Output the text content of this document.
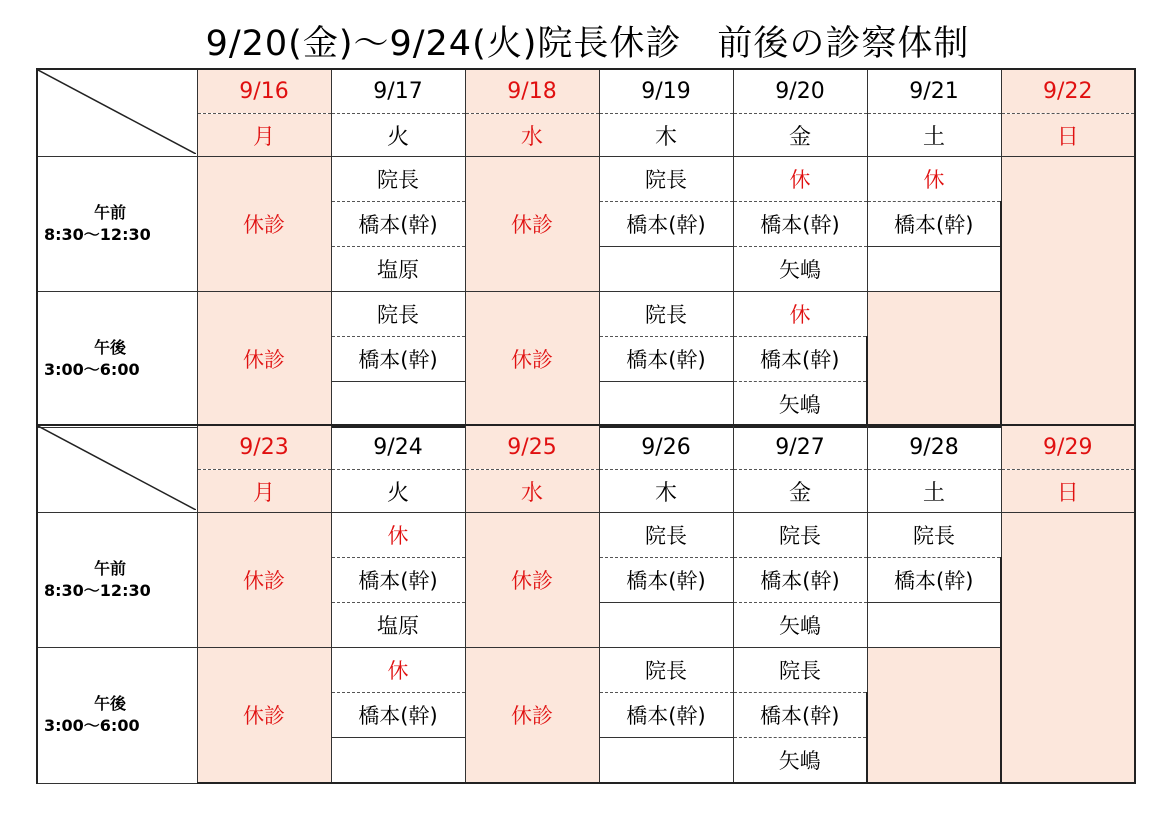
9/20(金)～9/24(火)院長休診　前後の診察体制
	9/16	9/17	9/18	9/19	9/20	9/21	9/22
	月	火	水	木	金	土	日

午前
8:30～12:30	休診	院長	休診	院長	休	休	
		橋本(幹)		橋本(幹)	橋本(幹)	橋本(幹)	
		塩原			矢嶋		

午後
3:00～6:00	休診	院長	休診	院長	休		
		橋本(幹)		橋本(幹)	橋本(幹)		
					矢嶋		
	9/23	9/24	9/25	9/26	9/27	9/28	9/29
	月	火	水	木	金	土	日

午前
8:30～12:30	休診	休	休診	院長	院長	院長	
		橋本(幹)		橋本(幹)	橋本(幹)	橋本(幹)	
		塩原			矢嶋		

午後
3:00～6:00	休診	休	休診	院長	院長		
		橋本(幹)		橋本(幹)	橋本(幹)		
					矢嶋		
